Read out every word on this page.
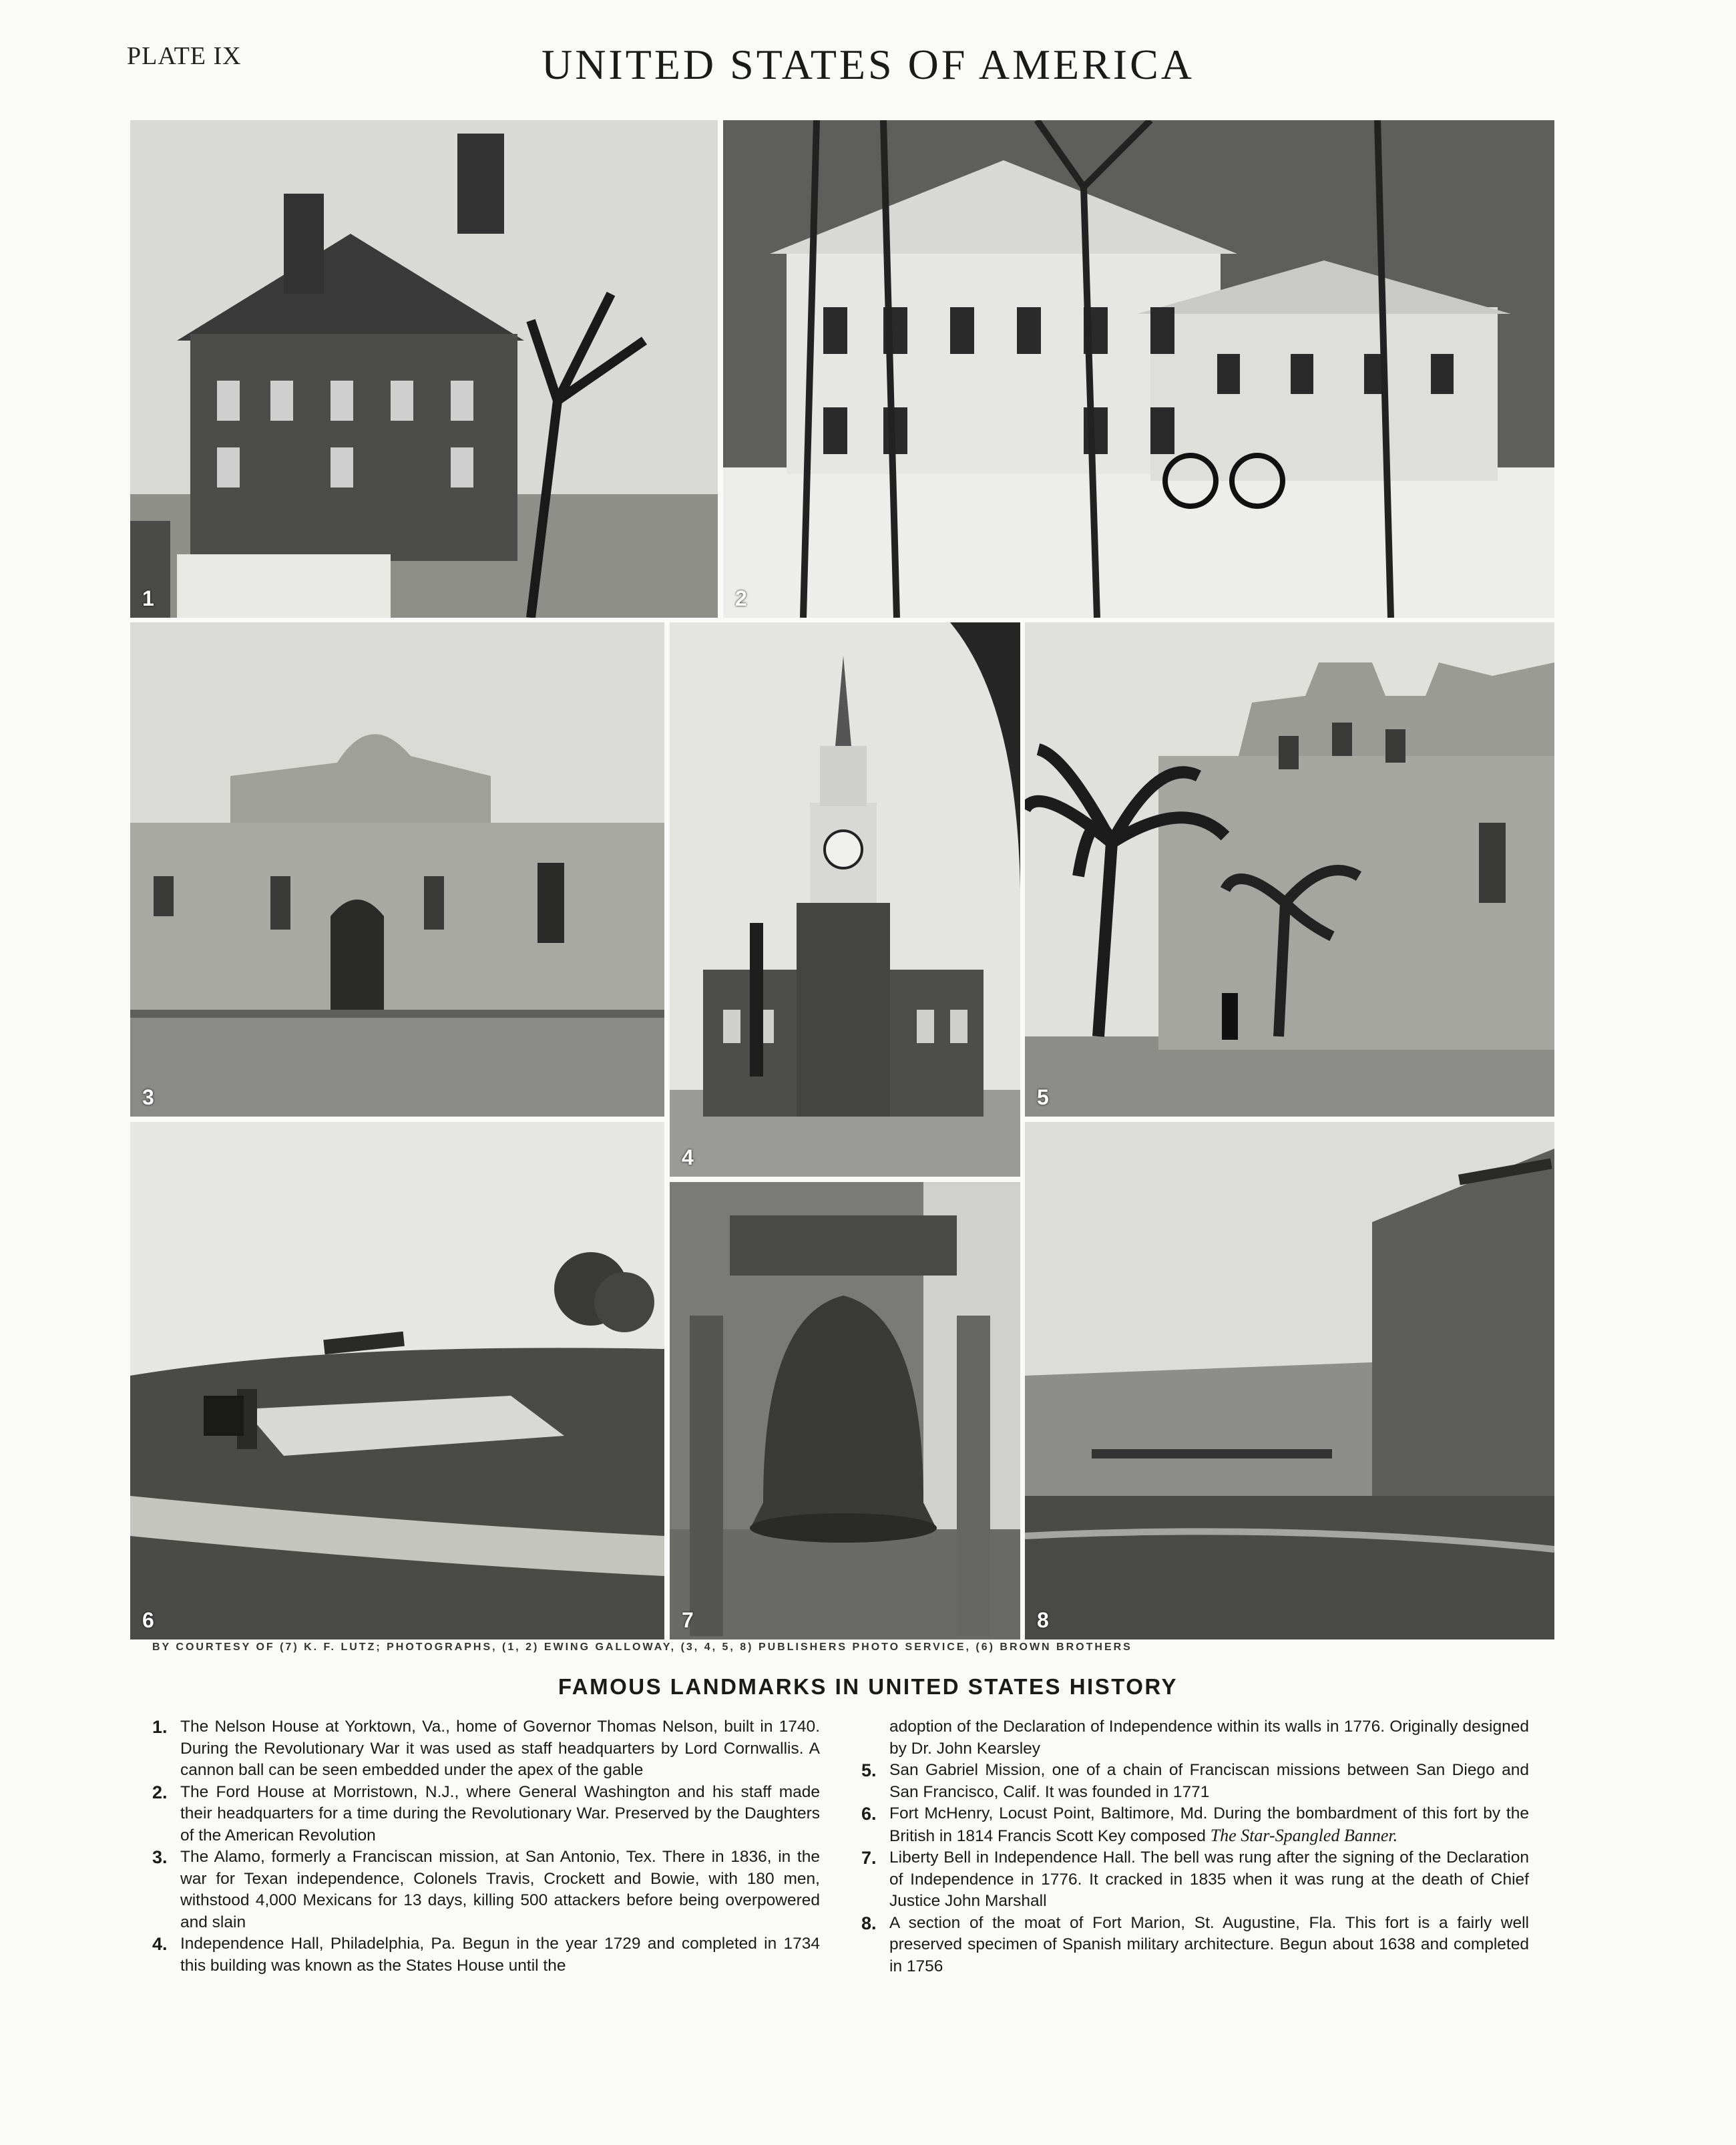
PLATE IX	UNITED STATES OF AMERICA
1	2
3
4
5
6	7	8
BY COURTESY OF (7) K. F. LUTZ; PHOTOGRAPHS, (1, 2) EWING GALLOWAY, (3, 4, 5, 8) PUBLISHERS PHOTO SERVICE, (6) BROWN BROTHERS
FAMOUS LANDMARKS IN UNITED STATES HISTORY
1. The Nelson House at Yorktown, Va., home of Governor Thomas Nelson, built in 1740. During the Revolutionary War it was used as staff headquarters by Lord Cornwallis. A cannon ball can be seen embedded under the apex of the gable
2. The Ford House at Morristown, N.J., where General Washington and his staff made their headquarters for a time during the Revolutionary War. Preserved by the Daughters of the American Revolution
3. The Alamo, formerly a Franciscan mission, at San Antonio, Tex. There in 1836, in the war for Texan independence, Colonels Travis, Crockett and Bowie, with 180 men, withstood 4,000 Mexicans for 13 days, killing 500 attackers before being overpowered and slain
4. Independence Hall, Philadelphia, Pa. Begun in the year 1729 and completed in 1734 this building was known as the States House until the
adoption of the Declaration of Independence within its walls in 1776. Originally designed by Dr. John Kearsley
5. San Gabriel Mission, one of a chain of Franciscan missions between San Diego and San Francisco, Calif. It was founded in 1771
6. Fort McHenry, Locust Point, Baltimore, Md. During the bombardment of this fort by the British in 1814 Francis Scott Key composed The Star-Spangled Banner.
7. Liberty Bell in Independence Hall. The bell was rung after the signing of the Declaration of Independence in 1776. It cracked in 1835 when it was rung at the death of Chief Justice John Marshall
8. A section of the moat of Fort Marion, St. Augustine, Fla. This fort is a fairly well preserved specimen of Spanish military architecture. Begun about 1638 and completed in 1756
